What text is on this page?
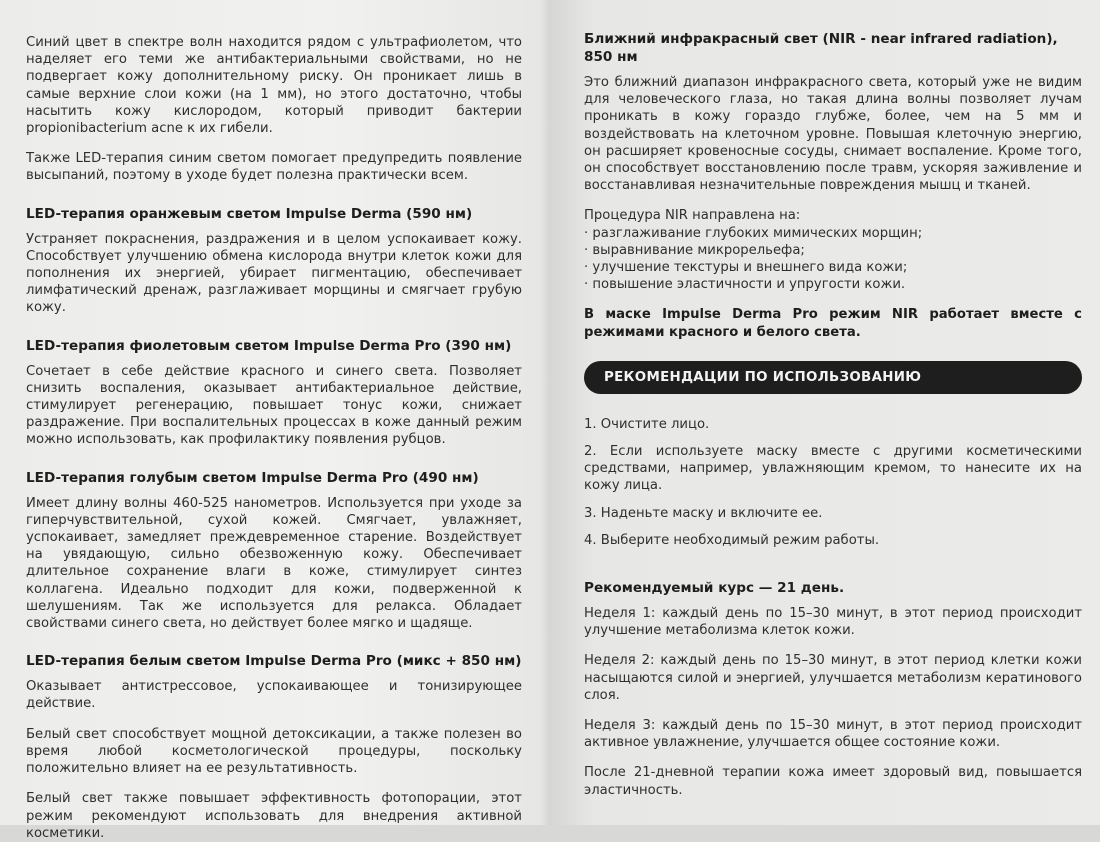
Синий цвет в спектре волн находится рядом с ультрафиолетом, что наделяет его теми же антибактериальными свойствами, но не подвергает кожу дополнительному риску. Он проникает лишь в самые верхние слои кожи (на 1 мм), но этого достаточно, чтобы насытить кожу кислородом, который приводит бактерии propionibacterium acne к их гибели.

Также LED-терапия синим светом помогает предупредить появление высыпаний, поэтому в уходе будет полезна практически всем.

LED-терапия оранжевым светом Impulse Derma (590 нм)

Устраняет покраснения, раздражения и в целом успокаивает кожу. Способствует улучшению обмена кислорода внутри клеток кожи для пополнения их энергией, убирает пигментацию, обеспечивает лимфатический дренаж, разглаживает морщины и смягчает грубую кожу.

LED-терапия фиолетовым светом Impulse Derma Pro (390 нм)

Сочетает в себе действие красного и синего света. Позволяет снизить воспаления, оказывает антибактериальное действие, стимулирует регенерацию, повышает тонус кожи, снижает раздражение. При воспалительных процессах в коже данный режим можно использовать, как профилактику появления рубцов.

LED-терапия голубым светом Impulse Derma Pro (490 нм)

Имеет длину волны 460-525 нанометров. Используется при уходе за гиперчувствительной, сухой кожей. Смягчает, увлажняет, успокаивает, замедляет преждевременное старение. Воздействует на увядающую, сильно обезвоженную кожу. Обеспечивает длительное сохранение влаги в коже, стимулирует синтез коллагена. Идеально подходит для кожи, подверженной к шелушениям. Так же используется для релакса. Обладает свойствами синего света, но действует более мягко и щадяще.

LED-терапия белым светом Impulse Derma Pro (микс + 850 нм)

Оказывает антистрессовое, успокаивающее и тонизирующее действие.

Белый свет способствует мощной детоксикации, а также полезен во время любой косметологической процедуры, поскольку положительно влияет на ее результативность.

Белый свет также повышает эффективность фотопорации, этот режим рекомендуют использовать для внедрения активной косметики.

Ближний инфракрасный свет (NIR - near infrared radiation), 850 нм

Это ближний диапазон инфракрасного света, который уже не видим для человеческого глаза, но такая длина волны позволяет лучам проникать в кожу гораздо глубже, более, чем на 5 мм и воздействовать на клеточном уровне. Повышая клеточную энергию, он расширяет кровеносные сосуды, снимает воспаление. Кроме того, он способствует восстановлению после травм, ускоряя заживление и восстанавливая незначительные повреждения мышц и тканей.

Процедура NIR направлена на:

· разглаживание глубоких мимических морщин;

· выравнивание микрорельефа;

· улучшение текстуры и внешнего вида кожи;

· повышение эластичности и упругости кожи.

В маске Impulse Derma Pro режим NIR работает вместе с режимами красного и белого света.

РЕКОМЕНДАЦИИ ПО ИСПОЛЬЗОВАНИЮ

1. Очистите лицо.

2. Если используете маску вместе с другими косметическими средствами, например, увлажняющим кремом, то нанесите их на кожу лица.

3. Наденьте маску и включите ее.

4. Выберите необходимый режим работы.

Рекомендуемый курс — 21 день.

Неделя 1: каждый день по 15–30 минут, в этот период происходит улучшение метаболизма клеток кожи.

Неделя 2: каждый день по 15–30 минут, в этот период клетки кожи насыщаются силой и энергией, улучшается метаболизм кератинового слоя.

Неделя 3: каждый день по 15–30 минут, в этот период происходит активное увлажнение, улучшается общее состояние кожи.

После 21-дневной терапии кожа имеет здоровый вид, повышается эластичность.
